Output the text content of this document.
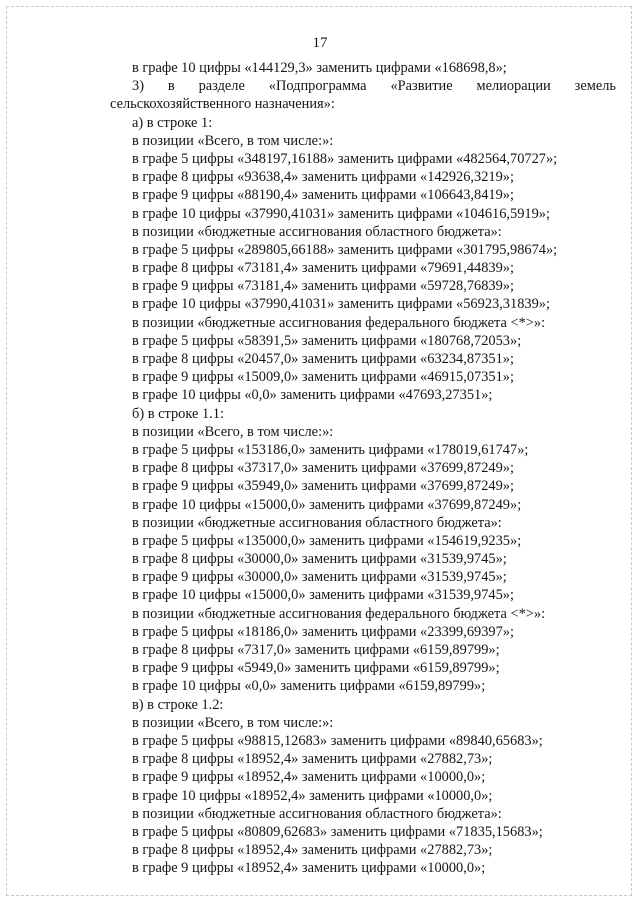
17
в графе 10 цифры «144129,3» заменить цифрами «168698,8»;
3) в разделе «Подпрограмма «Развитие мелиорации земель
сельскохозяйственного назначения»:
а) в строке 1:
в позиции «Всего, в том числе:»:
в графе 5 цифры «348197,16188» заменить цифрами «482564,70727»;
в графе 8 цифры «93638,4» заменить цифрами «142926,3219»;
в графе 9 цифры «88190,4» заменить цифрами «106643,8419»;
в графе 10 цифры «37990,41031» заменить цифрами «104616,5919»;
в позиции «бюджетные ассигнования областного бюджета»:
в графе 5 цифры «289805,66188» заменить цифрами «301795,98674»;
в графе 8 цифры «73181,4» заменить цифрами «79691,44839»;
в графе 9 цифры «73181,4» заменить цифрами «59728,76839»;
в графе 10 цифры «37990,41031» заменить цифрами «56923,31839»;
в позиции «бюджетные ассигнования федерального бюджета <*>»:
в графе 5 цифры «58391,5» заменить цифрами «180768,72053»;
в графе 8 цифры «20457,0» заменить цифрами «63234,87351»;
в графе 9 цифры «15009,0» заменить цифрами «46915,07351»;
в графе 10 цифры «0,0» заменить цифрами «47693,27351»;
б) в строке 1.1:
в позиции «Всего, в том числе:»:
в графе 5 цифры «153186,0» заменить цифрами «178019,61747»;
в графе 8 цифры «37317,0» заменить цифрами «37699,87249»;
в графе 9 цифры «35949,0» заменить цифрами «37699,87249»;
в графе 10 цифры «15000,0» заменить цифрами «37699,87249»;
в позиции «бюджетные ассигнования областного бюджета»:
в графе 5 цифры «135000,0» заменить цифрами «154619,9235»;
в графе 8 цифры «30000,0» заменить цифрами «31539,9745»;
в графе 9 цифры «30000,0» заменить цифрами «31539,9745»;
в графе 10 цифры «15000,0» заменить цифрами «31539,9745»;
в позиции «бюджетные ассигнования федерального бюджета <*>»:
в графе 5 цифры «18186,0» заменить цифрами «23399,69397»;
в графе 8 цифры «7317,0» заменить цифрами «6159,89799»;
в графе 9 цифры «5949,0» заменить цифрами «6159,89799»;
в графе 10 цифры «0,0» заменить цифрами «6159,89799»;
в) в строке 1.2:
в позиции «Всего, в том числе:»:
в графе 5 цифры «98815,12683» заменить цифрами «89840,65683»;
в графе 8 цифры «18952,4» заменить цифрами «27882,73»;
в графе 9 цифры «18952,4» заменить цифрами «10000,0»;
в графе 10 цифры «18952,4» заменить цифрами «10000,0»;
в позиции «бюджетные ассигнования областного бюджета»:
в графе 5 цифры «80809,62683» заменить цифрами «71835,15683»;
в графе 8 цифры «18952,4» заменить цифрами «27882,73»;
в графе 9 цифры «18952,4» заменить цифрами «10000,0»;
